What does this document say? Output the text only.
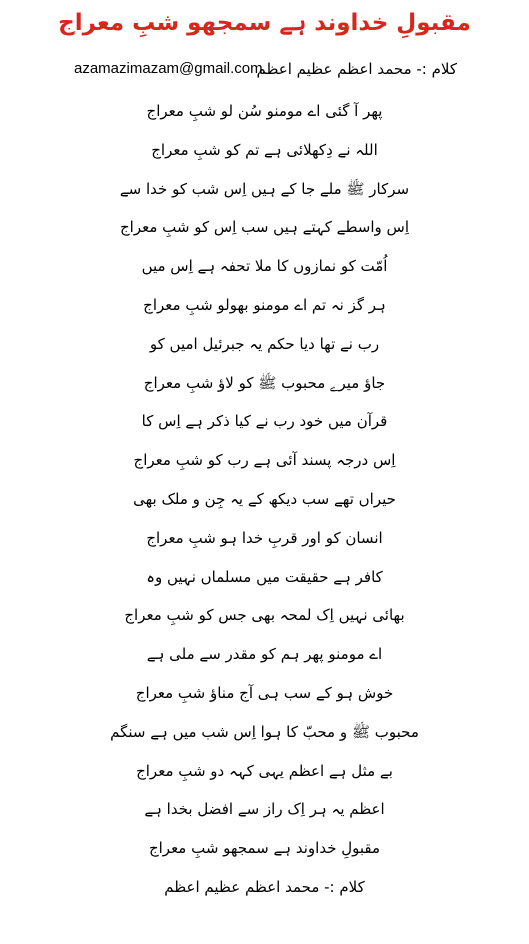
مقبولِ خداوند ہے سمجھو شبِ معراج
azamazimazam@gmail.com
کلام :- محمد اعظم عظیم اعظم
پھر آ گئی اے مومنو سُن لو شبِ معراج
اللہ نے دِکھلائی ہے تم کو شبِ معراج
سرکار ﷺ ملے جا کے ہیں اِس شب کو خدا سے
اِس واسطے کہتے ہیں سب اِس کو شبِ معراج
اُمّت کو نمازوں کا ملا تحفہ ہے اِس میں
ہر گز نہ تم اے مومنو بھولو شبِ معراج
رب نے تھا دیا حکم یہ جبرئیل امیں کو
جاؤ میرے محبوب ﷺ کو لاؤ شبِ معراج
قرآن میں خود رب نے کیا ذکر ہے اِس کا
اِس درجہ پسند آئی ہے رب کو شبِ معراج
حیراں تھے سب دیکھ کے یہ جِن و ملک بھی
انسان کو اور قربِ خدا ہو شبِ معراج
کافر ہے حقیقت میں مسلماں نہیں وہ
بھائی نہیں اِک لمحہ بھی جس کو شبِ معراج
اے مومنو پھر ہم کو مقدر سے ملی ہے
خوش ہو کے سب ہی آج مناؤ شبِ معراج
محبوب ﷺ و محبّ کا ہوا اِس شب میں ہے سنگم
بے مثل ہے اعظم یہی کہہ دو شبِ معراج
اعظم یہ ہر اِک راز سے افضل بخدا ہے
مقبولِ خداوند ہے سمجھو شبِ معراج
کلام :- محمد اعظم عظیم اعظم
